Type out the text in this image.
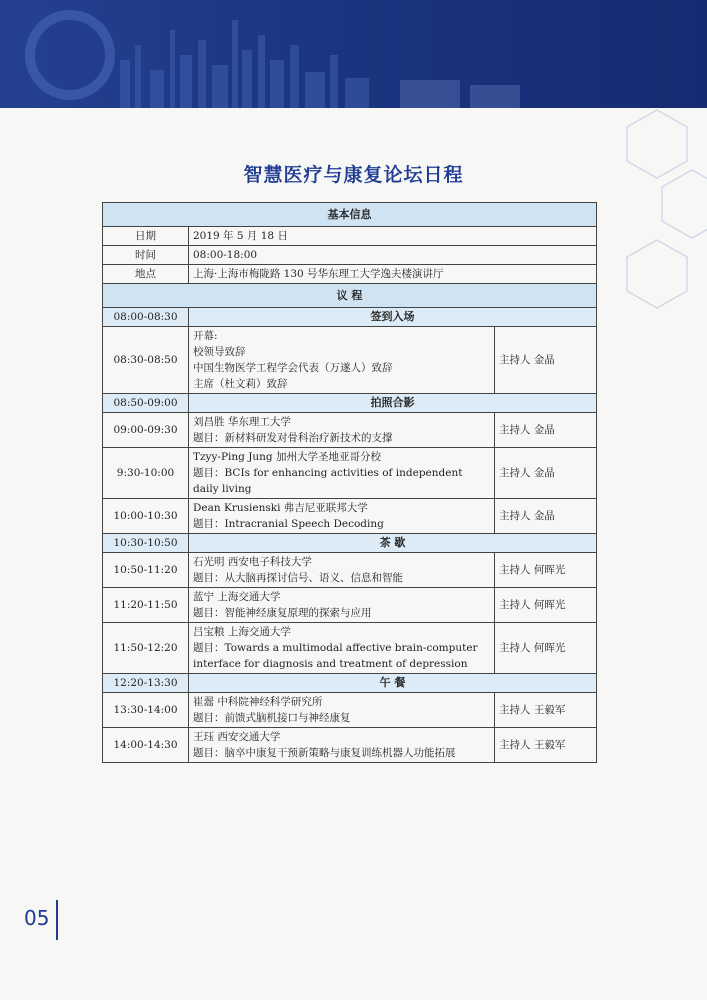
智慧医疗与康复论坛日程
基本信息		
日期	2019 年 5 月 18 日	
时间	08:00-18:00	
地点	上海·上海市梅陇路 130 号华东理工大学逸夫楼演讲厅	
议 程		
08:00-08:30	签到入场	
08:30-08:50	开幕:
校领导致辞
中国生物医学工程学会代表（万遂人）致辞
主席（杜文莉）致辞	主持人 金晶
08:50-09:00	拍照合影	
09:00-09:30	刘昌胜 华东理工大学
题目：新材料研发对骨科治疗新技术的支撑	主持人 金晶
9:30-10:00	Tzyy-Ping Jung 加州大学圣地亚哥分校
题目：BCIs for enhancing activities of independent daily living	主持人 金晶
10:00-10:30	Dean Krusienski 弗吉尼亚联邦大学
题目：Intracranial Speech Decoding	主持人 金晶
10:30-10:50	茶 歇	
10:50-11:20	石光明 西安电子科技大学
题目：从大脑再探讨信号、语义、信息和智能	主持人 何晖光
11:20-11:50	蓝宁 上海交通大学
题目：智能神经康复原理的探索与应用	主持人 何晖光
11:50-12:20	吕宝粮 上海交通大学
题目：Towards a multimodal affective brain-computer interface for diagnosis and treatment of depression	主持人 何晖光
12:20-13:30	午 餐	
13:30-14:00	崔翯 中科院神经科学研究所
题目：前馈式脑机接口与神经康复	主持人 王毅军
14:00-14:30	王珏 西安交通大学
题目：脑卒中康复干预新策略与康复训练机器人功能拓展	主持人 王毅军
05
